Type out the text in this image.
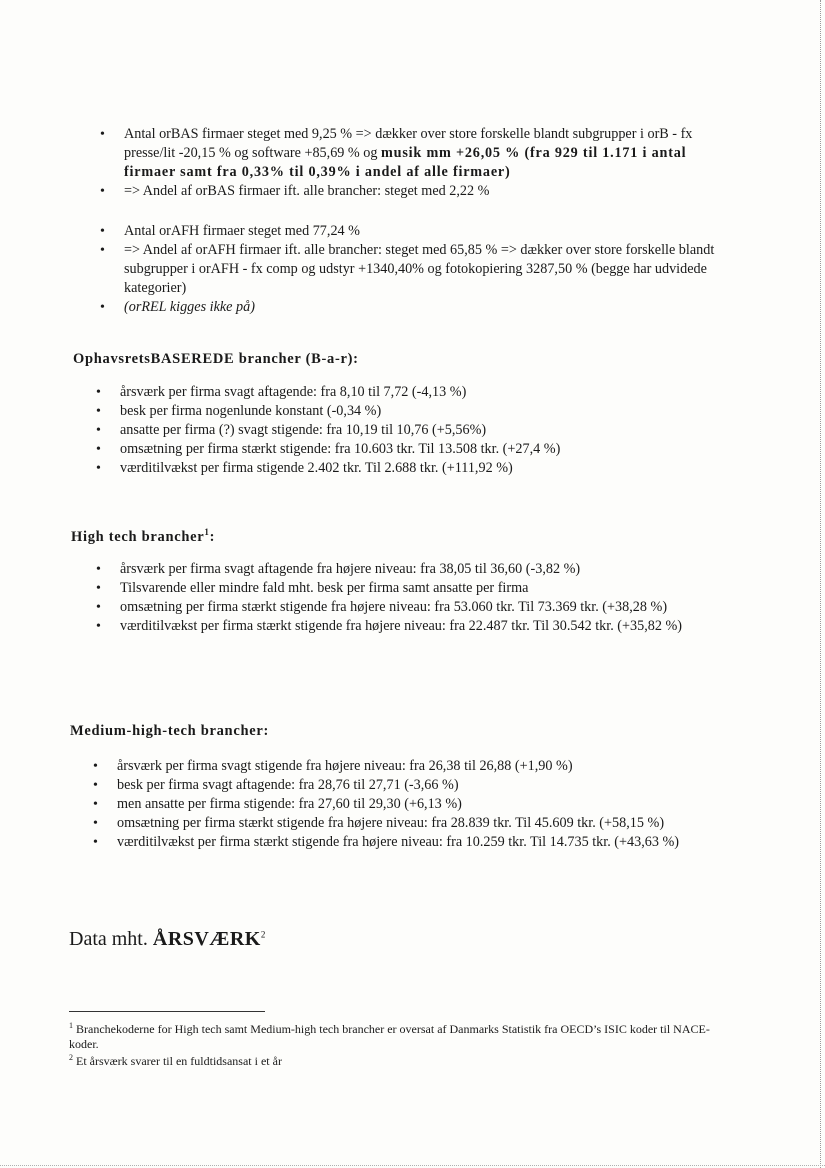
• Antal orBAS firmaer steget med 9,25 % => dækker over store forskelle blandt subgrupper i orB - fx presse/lit -20,15 % og software +85,69 % og musik mm +26,05 % (fra 929 til 1.171 i antal firmaer samt fra 0,33% til 0,39% i andel af alle firmaer)
• => Andel af orBAS firmaer ift. alle brancher: steget med 2,22 %
• Antal orAFH firmaer steget med 77,24 %
• => Andel af orAFH firmaer ift. alle brancher: steget med 65,85 % => dækker over store forskelle blandt subgrupper i orAFH - fx comp og udstyr +1340,40% og fotokopiering 3287,50 % (begge har udvidede kategorier)
• (orREL kigges ikke på)
OphavsretsBASEREDE brancher (B-a-r):
• årsværk per firma svagt aftagende: fra 8,10 til 7,72 (-4,13 %)
• besk per firma nogenlunde konstant (-0,34 %)
• ansatte per firma (?) svagt stigende: fra 10,19 til 10,76 (+5,56%)
• omsætning per firma stærkt stigende: fra 10.603 tkr. Til 13.508 tkr. (+27,4 %)
• værditilvækst per firma stigende 2.402 tkr. Til 2.688 tkr. (+111,92 %)
High tech brancher$^1$:
• årsværk per firma svagt aftagende fra højere niveau: fra 38,05 til 36,60 (-3,82 %)
• Tilsvarende eller mindre fald mht. besk per firma samt ansatte per firma
• omsætning per firma stærkt stigende fra højere niveau: fra 53.060 tkr. Til 73.369 tkr. (+38,28 %)
• værditilvækst per firma stærkt stigende fra højere niveau: fra 22.487 tkr. Til 30.542 tkr. (+35,82 %)
Medium-high-tech brancher:
• årsværk per firma svagt stigende fra højere niveau: fra 26,38 til 26,88 (+1,90 %)
• besk per firma svagt aftagende: fra 28,76 til 27,71 (-3,66 %)
• men ansatte per firma stigende: fra 27,60 til 29,30 (+6,13 %)
• omsætning per firma stærkt stigende fra højere niveau: fra 28.839 tkr. Til 45.609 tkr. (+58,15 %)
• værditilvækst per firma stærkt stigende fra højere niveau: fra 10.259 tkr. Til 14.735 tkr. (+43,63 %)
Data mht. ÅRSVÆRK$^2$
$^1$ Branchekoderne for High tech samt Medium-high tech brancher er oversat af Danmarks Statistik fra OECD’s ISIC koder til NACE-koder.
$^2$ Et årsværk svarer til en fuldtidsansat i et år
